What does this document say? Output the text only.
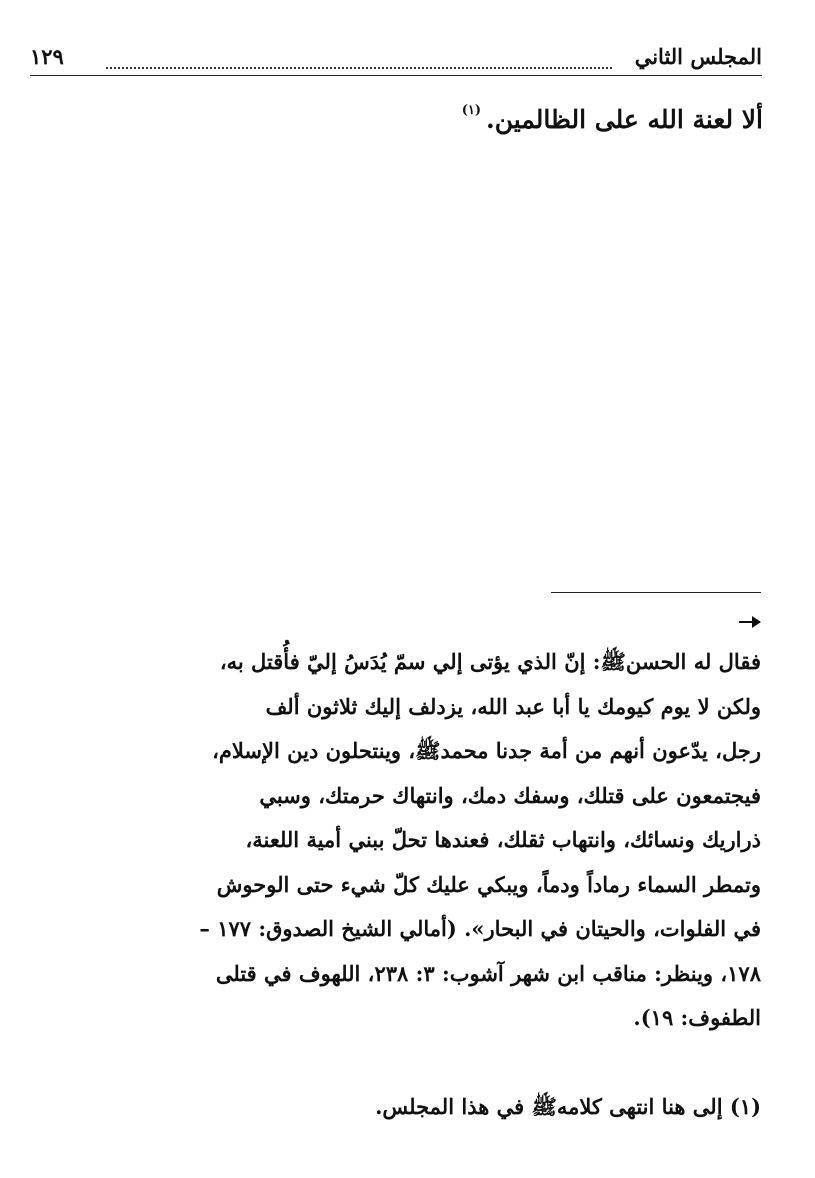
المجلس الثاني
١٢٩
ألا لعنة الله على الظالمين.$^{(١)}$
فقال له الحسنﷺ: إنّ الذي يؤتى إلي سمّ يُدَسُ إليّ فأُقتل به،
ولكن لا يوم كيومك يا أبا عبد الله، يزدلف إليك ثلاثون ألف
رجل، يدّعون أنهم من أمة جدنا محمدﷺ، وينتحلون دين الإسلام،
فيجتمعون على قتلك، وسفك دمك، وانتهاك حرمتك، وسبي
ذراريك ونسائك، وانتهاب ثقلك، فعندها تحلّ ببني أمية اللعنة،
وتمطر السماء رماداً ودماً، ويبكي عليك كلّ شيء حتى الوحوش
في الفلوات، والحيتان في البحار». (أمالي الشيخ الصدوق: ١٧٧ –
١٧٨، وينظر: مناقب ابن شهر آشوب: ٣: ٢٣٨، اللهوف في قتلى
الطفوف: ١٩).
(١) إلى هنا انتهى كلامهﷺ في هذا المجلس.
